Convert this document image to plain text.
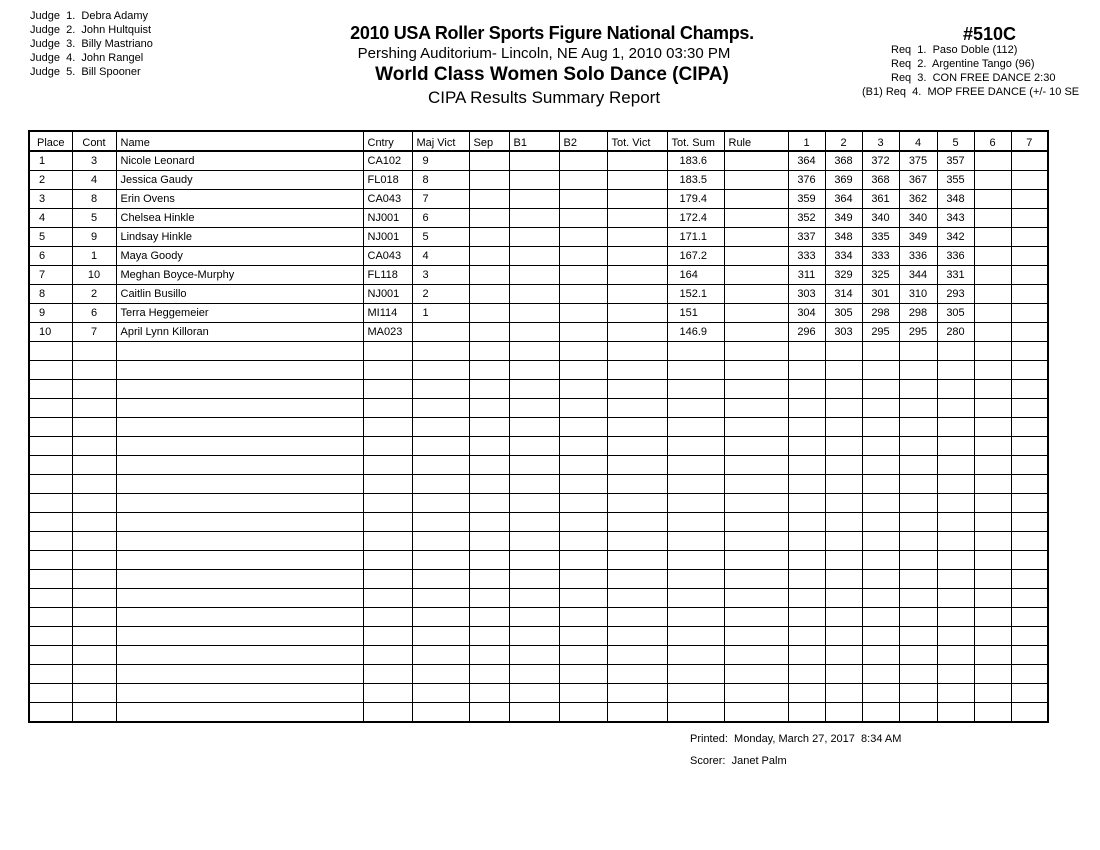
Judge  1. Debra Adamy
Judge  2. John Hultquist
Judge  3. Billy Mastriano
Judge  4. John Rangel
Judge  5. Bill Spooner
2010 USA Roller Sports Figure National Champs.
Pershing Auditorium- Lincoln, NE Aug 1, 2010 03:30 PM
World Class Women Solo Dance (CIPA)
CIPA Results Summary Report
#510C
Req  1. Paso Doble (112)
Req  2. Argentine Tango (96)
Req  3. CON FREE DANCE 2:30
(B1) Req  4. MOP FREE DANCE (+/- 10 SE
Place	Cont	Name	Cntry	Maj Vict	Sep	B1	B2	Tot. Vict	Tot. Sum	Rule	1	2	3	4	5	6	7
1	3	Nicole Leonard	CA102	9					183.6		364	368	372	375	357		
2	4	Jessica Gaudy	FL018	8					183.5		376	369	368	367	355		
3	8	Erin Ovens	CA043	7					179.4		359	364	361	362	348		
4	5	Chelsea Hinkle	NJ001	6					172.4		352	349	340	340	343		
5	9	Lindsay Hinkle	NJ001	5					171.1		337	348	335	349	342		
6	1	Maya Goody	CA043	4					167.2		333	334	333	336	336		
7	10	Meghan Boyce-Murphy	FL118	3					164		311	329	325	344	331		
8	2	Caitlin Busillo	NJ001	2					152.1		303	314	301	310	293		
9	6	Terra Heggemeier	MI114	1					151		304	305	298	298	305		
10	7	April Lynn Killoran	MA023						146.9		296	303	295	295	280		

Printed: Monday, March 27, 2017  8:34 AM
Scorer: Janet Palm
